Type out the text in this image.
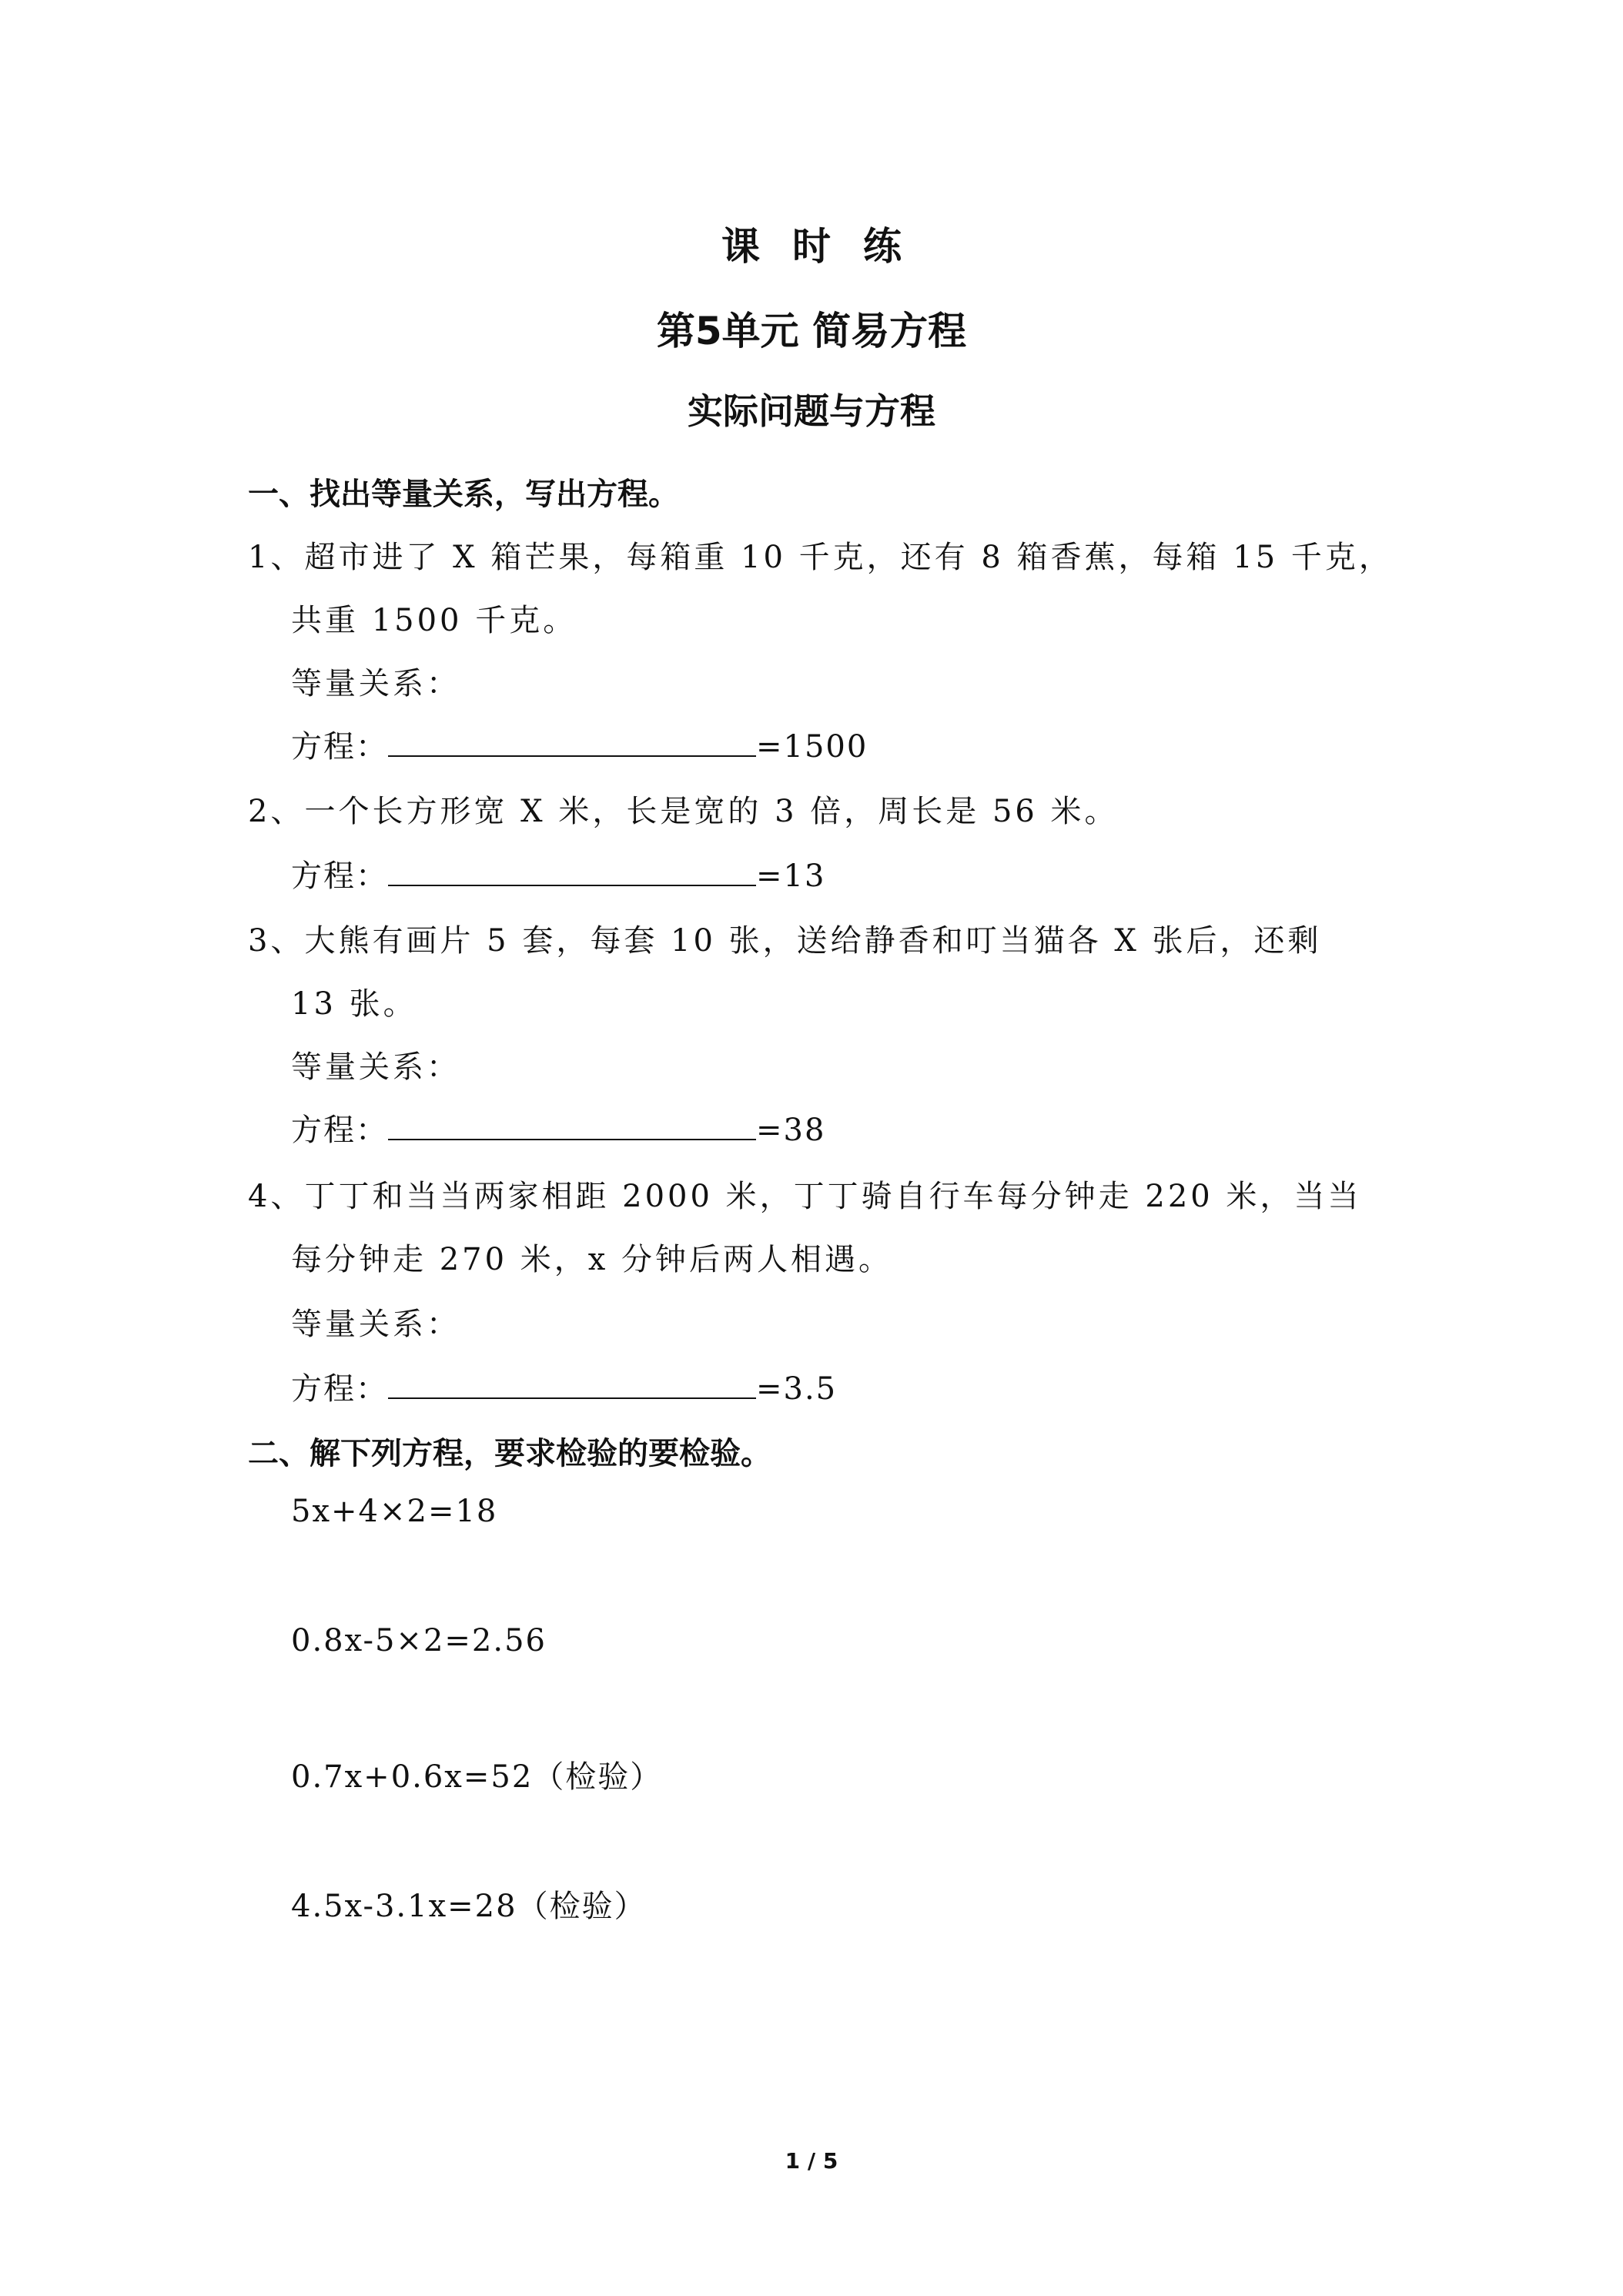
课时练
第5单元 简易方程
实际问题与方程
一、找出等量关系，写出方程。
1、超市进了 X 箱芒果，每箱重 10 千克，还有 8 箱香蕉，每箱 15 千克，
共重 1500 千克。
等量关系：
方程：	=1500
2、一个长方形宽 X 米，长是宽的 3 倍，周长是 56 米。
方程：	=13
3、大熊有画片 5 套，每套 10 张，送给静香和叮当猫各 X 张后，还剩
13 张。
等量关系：
方程：	=38
4、丁丁和当当两家相距 2000 米，丁丁骑自行车每分钟走 220 米，当当
每分钟走 270 米，x 分钟后两人相遇。
等量关系：
方程：	=3.5
二、解下列方程，要求检验的要检验。
5x+4×2=18
0.8x-5×2=2.56
0.7x+0.6x=52（检验）
4.5x-3.1x=28（检验）
1 / 5
